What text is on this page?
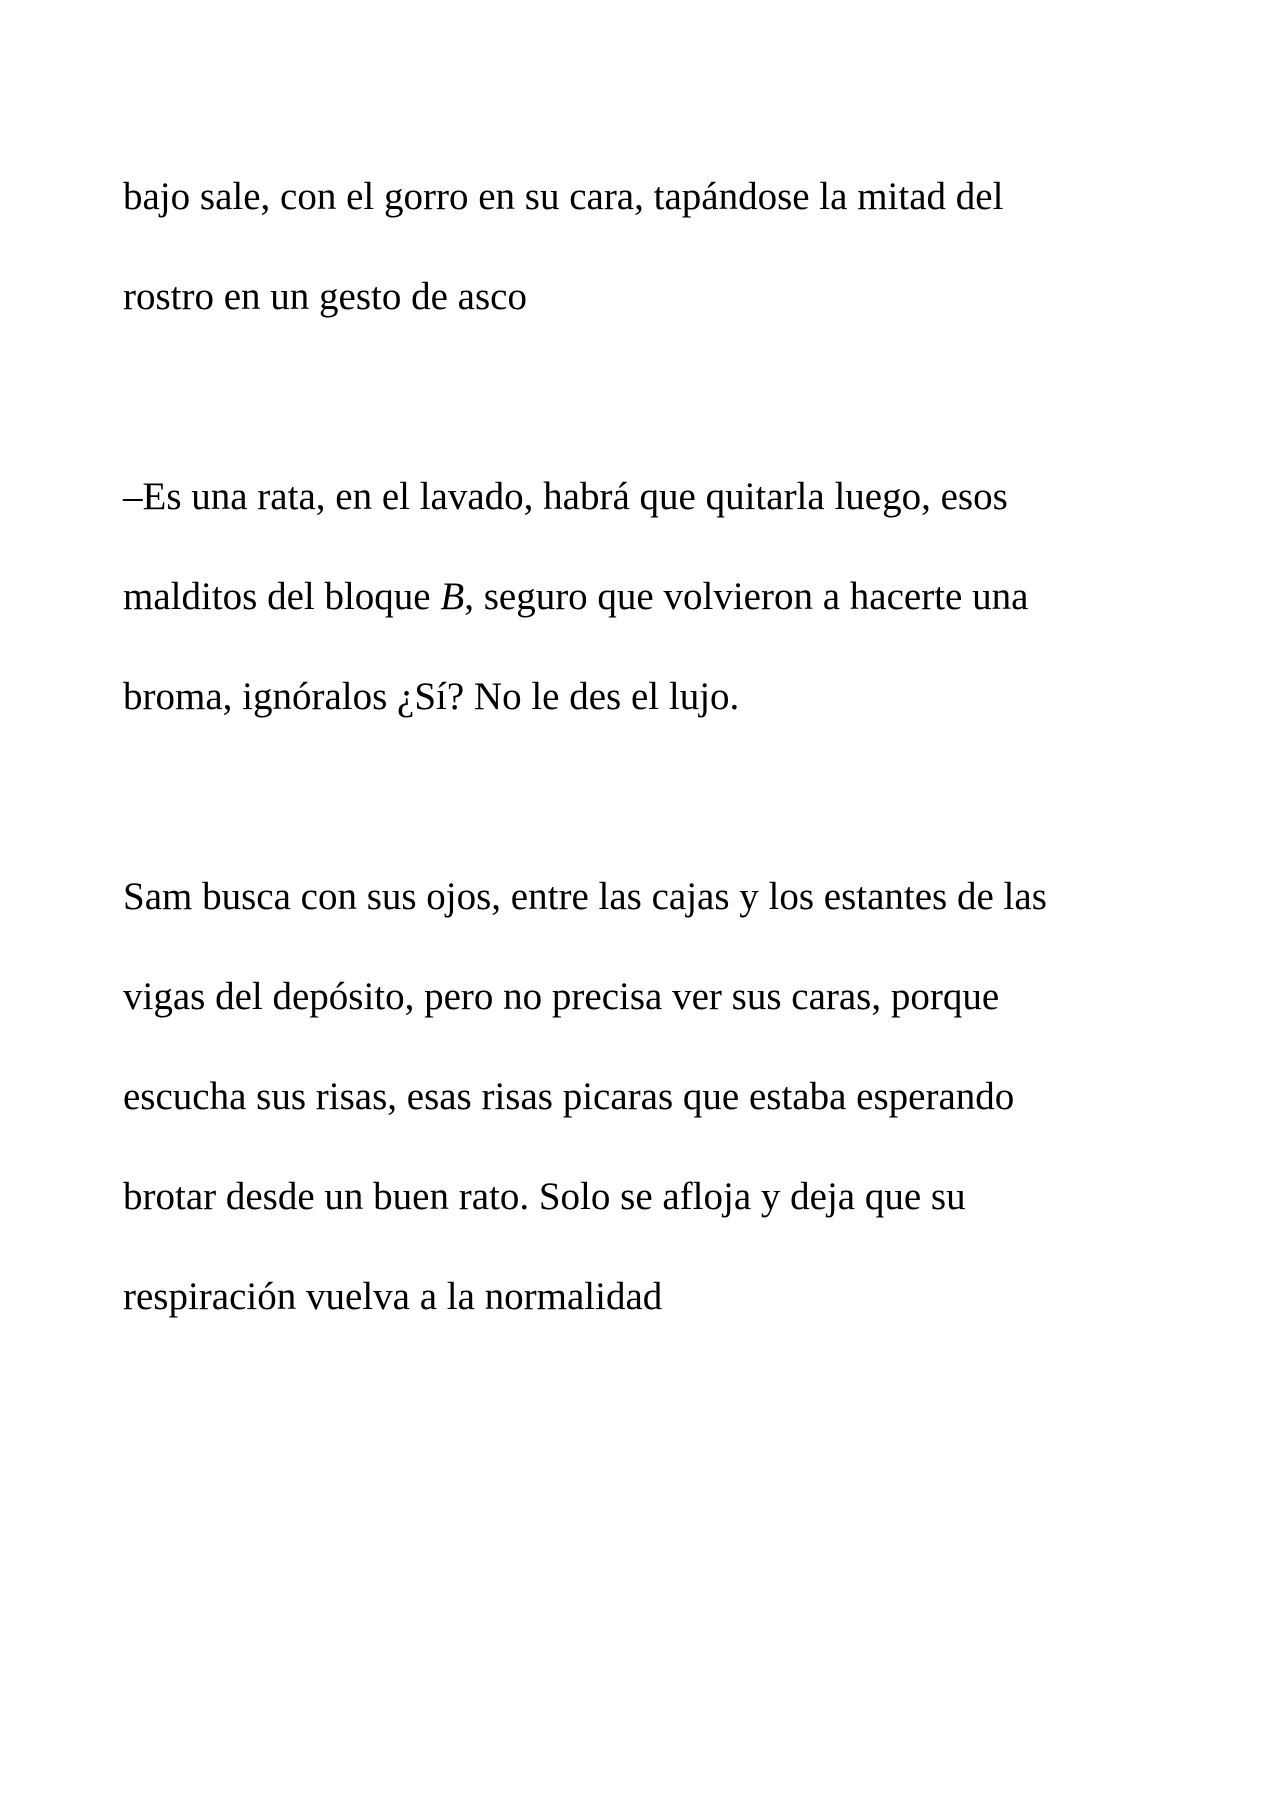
bajo sale, con el gorro en su cara, tapándose la mitad del

rostro en un gesto de asco

–Es una rata, en el lavado, habrá que quitarla luego, esos

malditos del bloque B, seguro que volvieron a hacerte una

broma, ignóralos ¿Sí? No le des el lujo.

Sam busca con sus ojos, entre las cajas y los estantes de las

vigas del depósito, pero no precisa ver sus caras, porque

escucha sus risas, esas risas picaras que estaba esperando

brotar desde un buen rato. Solo se afloja y deja que su

respiración vuelva a la normalidad
